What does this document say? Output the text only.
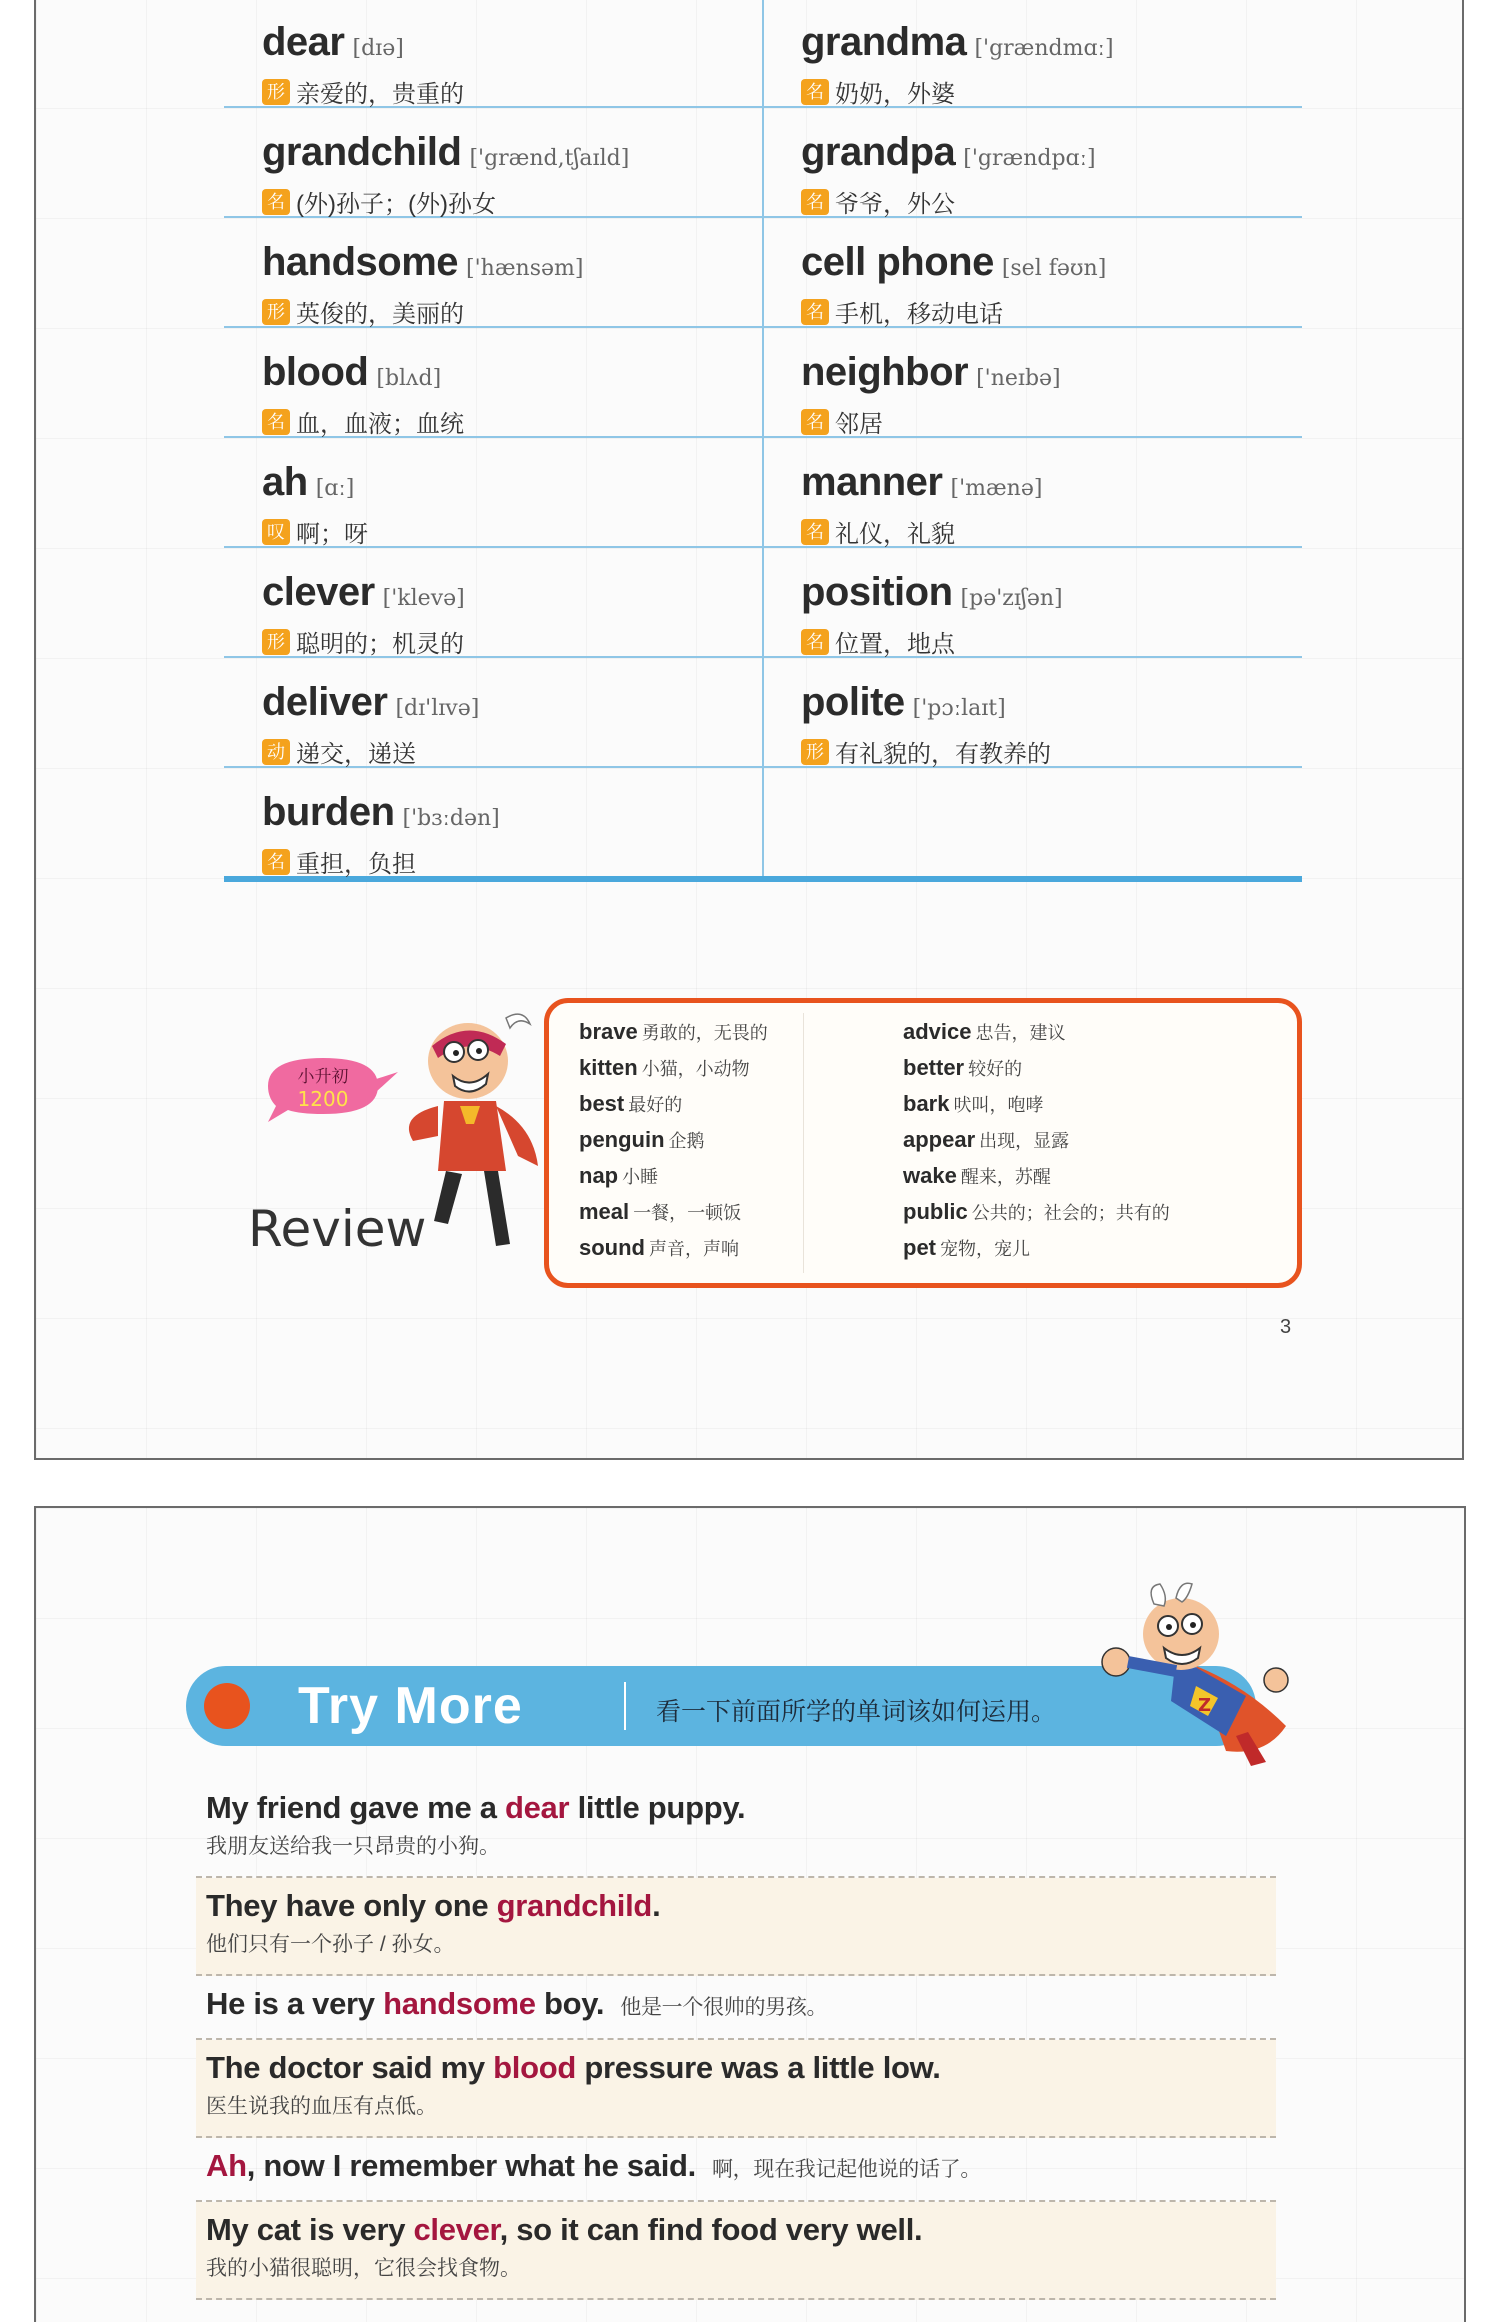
dear [dɪə]
形 亲爱的，贵重的
grandma ['grændmɑː]
名 奶奶，外婆
grandchild ['grænd,tʃaɪld]
名 (外)孙子；(外)孙女
grandpa ['grændpɑː]
名 爷爷，外公
handsome ['hænsəm]
形 英俊的，美丽的
cell phone [sel fəʊn]
名 手机，移动电话
blood [blʌd]
名 血，血液；血统
neighbor ['neɪbə]
名 邻居
ah [ɑː]
叹 啊；呀
manner ['mænə]
名 礼仪，礼貌
clever ['klevə]
形 聪明的；机灵的
position [pə'zɪʃən]
名 位置，地点
deliver [dɪ'lɪvə]
动 递交，递送
polite ['pɔːlaɪt]
形 有礼貌的，有教养的
burden ['bɜːdən]
名 重担，负担
小升初
1200
Review
brave 勇敢的，无畏的
kitten 小猫，小动物
best 最好的
penguin 企鹅
nap 小睡
meal 一餐，一顿饭
sound 声音，声响
advice 忠告，建议
better 较好的
bark 吠叫，咆哮
appear 出现，显露
wake 醒来，苏醒
public 公共的；社会的；共有的
pet 宠物，宠儿
3
Try More	看一下前面所学的单词该如何运用。	Z
My friend gave me a dear little puppy.
我朋友送给我一只昂贵的小狗。
They have only one grandchild.
他们只有一个孙子 / 孙女。
He is a very handsome boy. 他是一个很帅的男孩。
The doctor said my blood pressure was a little low.
医生说我的血压有点低。
Ah, now I remember what he said. 啊，现在我记起他说的话了。
My cat is very clever, so it can find food very well.
我的小猫很聪明，它很会找食物。
